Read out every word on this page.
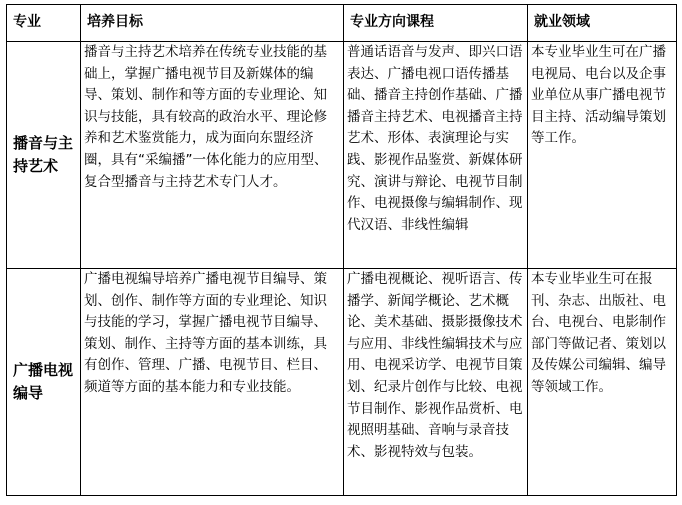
专业	培养目标	专业方向课程	就业领域
播音与主持艺术	播音与主持艺术培养在传统专业技能的基础上，掌握广播电视节目及新媒体的编导、策划、制作和等方面的专业理论、知识与技能，具有较高的政治水平、理论修养和艺术鉴赏能力，成为面向东盟经济圈，具有“采编播”一体化能力的应用型、复合型播音与主持艺术专门人才。	普通话语音与发声、即兴口语表达、广播电视口语传播基础、播音主持创作基础、广播播音主持艺术、电视播音主持艺术、形体、表演理论与实践、影视作品鉴赏、新媒体研究、演讲与辩论、电视节目制作、电视摄像与编辑制作、现代汉语、非线性编辑	本专业毕业生可在广播电视局、电台以及企事业单位从事广播电视节目主持、活动编导策划等工作。
广播电视编导	广播电视编导培养广播电视节目编导、策划、创作、制作等方面的专业理论、知识与技能的学习，掌握广播电视节目编导、策划、制作、主持等方面的基本训练，具有创作、管理、广播、电视节目、栏目、频道等方面的基本能力和专业技能。	广播电视概论、视听语言、传播学、新闻学概论、艺术概论、美术基础、摄影摄像技术与应用、非线性编辑技术与应用、电视采访学、电视节目策划、纪录片创作与比较、电视节目制作、影视作品赏析、电视照明基础、音响与录音技术、影视特效与包装。	本专业毕业生可在报刊、杂志、出版社、电台、电视台、电影制作部门等做记者、策划以及传媒公司编辑、编导等领域工作。
